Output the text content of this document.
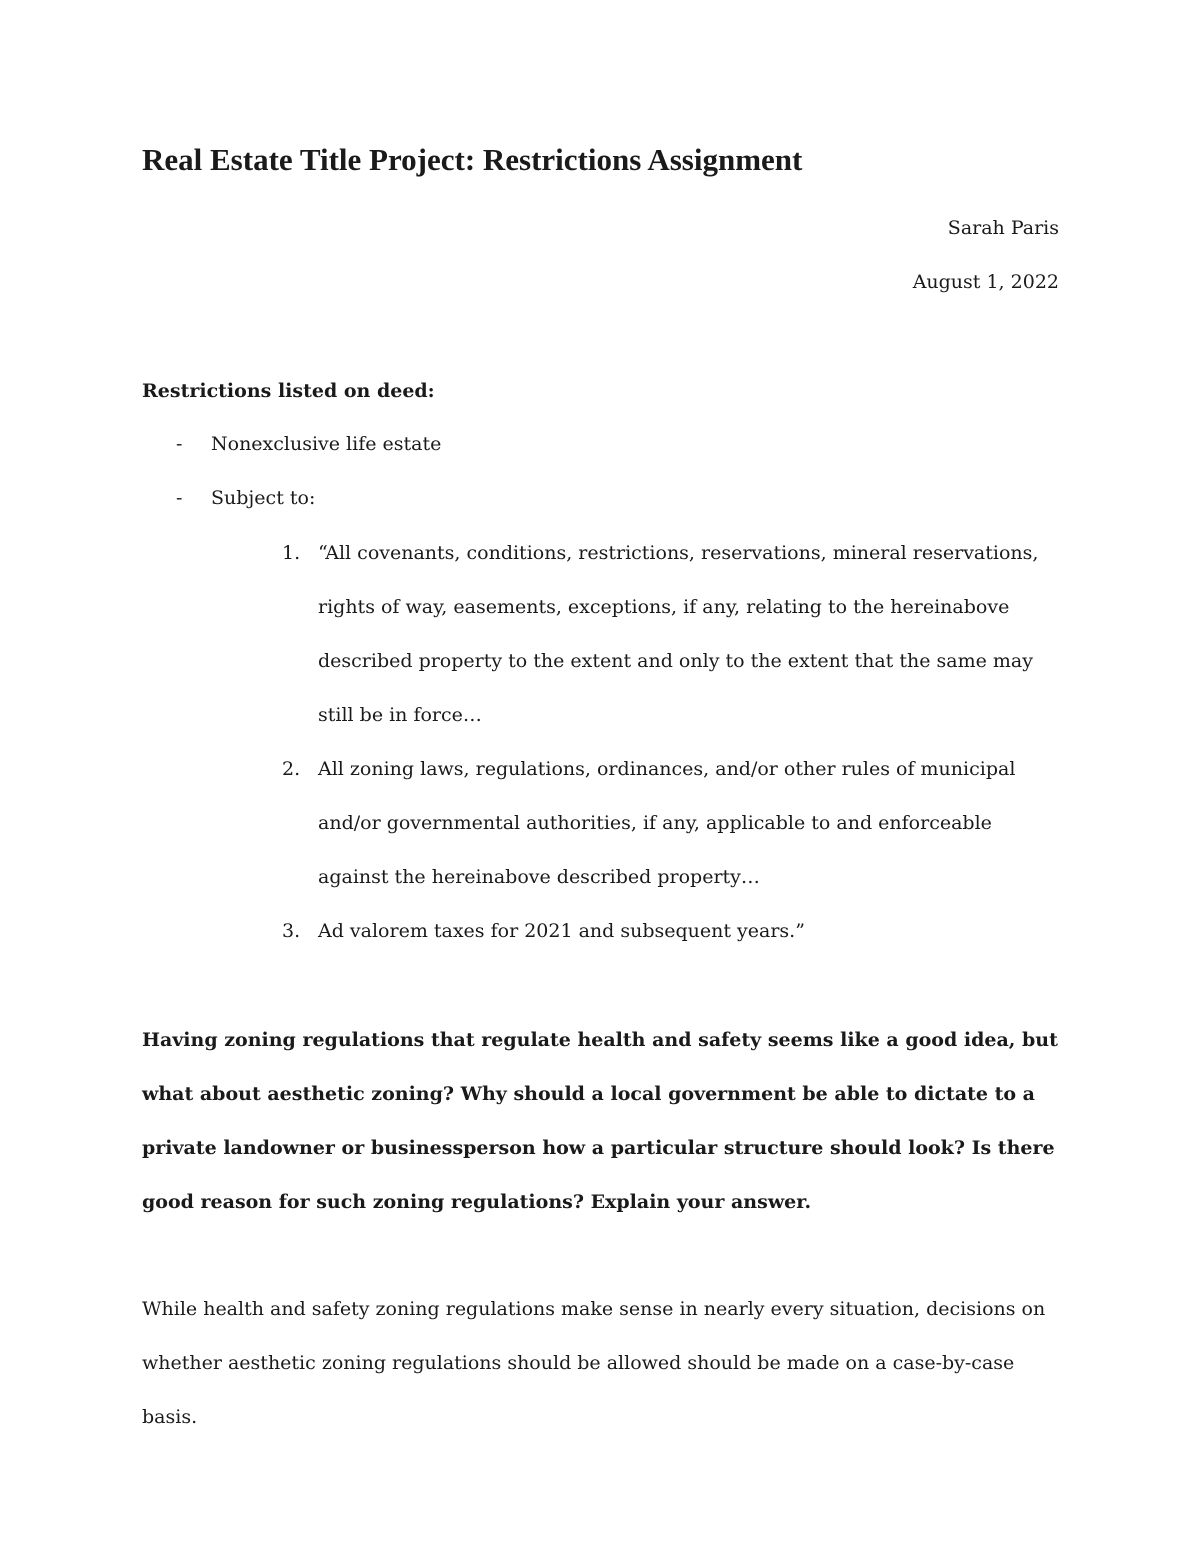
Real Estate Title Project: Restrictions Assignment
Sarah Paris
August 1, 2022
Restrictions listed on deed:
- Nonexclusive life estate
- Subject to:
1. “All covenants, conditions, restrictions, reservations, mineral reservations, rights of way, easements, exceptions, if any, relating to the hereinabove described property to the extent and only to the extent that the same may still be in force…
2. All zoning laws, regulations, ordinances, and/or other rules of municipal and/or governmental authorities, if any, applicable to and enforceable against the hereinabove described property…
3. Ad valorem taxes for 2021 and subsequent years.”
Having zoning regulations that regulate health and safety seems like a good idea, but what about aesthetic zoning? Why should a local government be able to dictate to a private landowner or businessperson how a particular structure should look? Is there good reason for such zoning regulations? Explain your answer.
While health and safety zoning regulations make sense in nearly every situation, decisions on whether aesthetic zoning regulations should be allowed should be made on a case-by-case basis.
